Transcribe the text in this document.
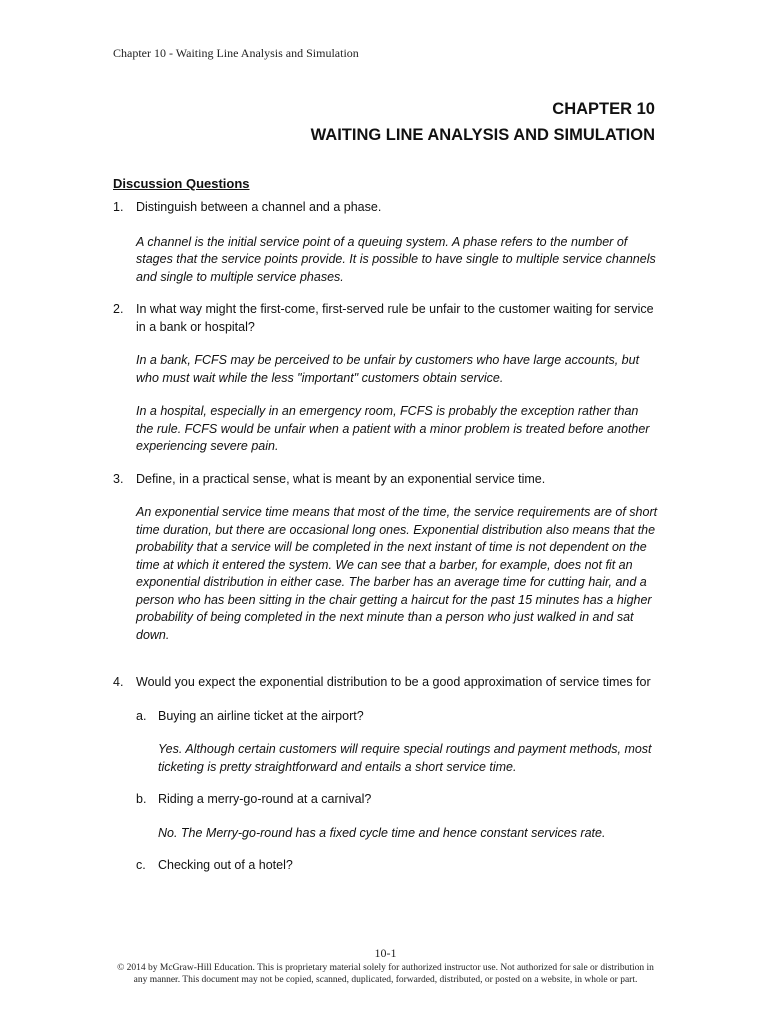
Chapter 10 - Waiting Line Analysis and Simulation
CHAPTER 10
WAITING LINE ANALYSIS AND SIMULATION
Discussion Questions
1.	Distinguish between a channel and a phase.

A channel is the initial service point of a queuing system. A phase refers to the number of stages that the service points provide. It is possible to have single to multiple service channels and single to multiple service phases.

2.	In what way might the first-come, first-served rule be unfair to the customer waiting for service in a bank or hospital?

In a bank, FCFS may be perceived to be unfair by customers who have large accounts, but who must wait while the less "important" customers obtain service.

In a hospital, especially in an emergency room, FCFS is probably the exception rather than the rule. FCFS would be unfair when a patient with a minor problem is treated before another experiencing severe pain.

3.	Define, in a practical sense, what is meant by an exponential service time.

An exponential service time means that most of the time, the service requirements are of short time duration, but there are occasional long ones. Exponential distribution also means that the probability that a service will be completed in the next instant of time is not dependent on the time at which it entered the system. We can see that a barber, for example, does not fit an exponential distribution in either case. The barber has an average time for cutting hair, and a person who has been sitting in the chair getting a haircut for the past 15 minutes has a higher probability of being completed in the next minute than a person who just walked in and sat down.

4.	Would you expect the exponential distribution to be a good approximation of service times for
a. Buying an airline ticket at the airport?

Yes. Although certain customers will require special routings and payment methods, most ticketing is pretty straightforward and entails a short service time.

b. Riding a merry-go-round at a carnival?

No. The Merry-go-round has a fixed cycle time and hence constant services rate.

c. Checking out of a hotel?
10-1
© 2014 by McGraw-Hill Education. This is proprietary material solely for authorized instructor use. Not authorized for sale or distribution in any manner. This document may not be copied, scanned, duplicated, forwarded, distributed, or posted on a website, in whole or part.
